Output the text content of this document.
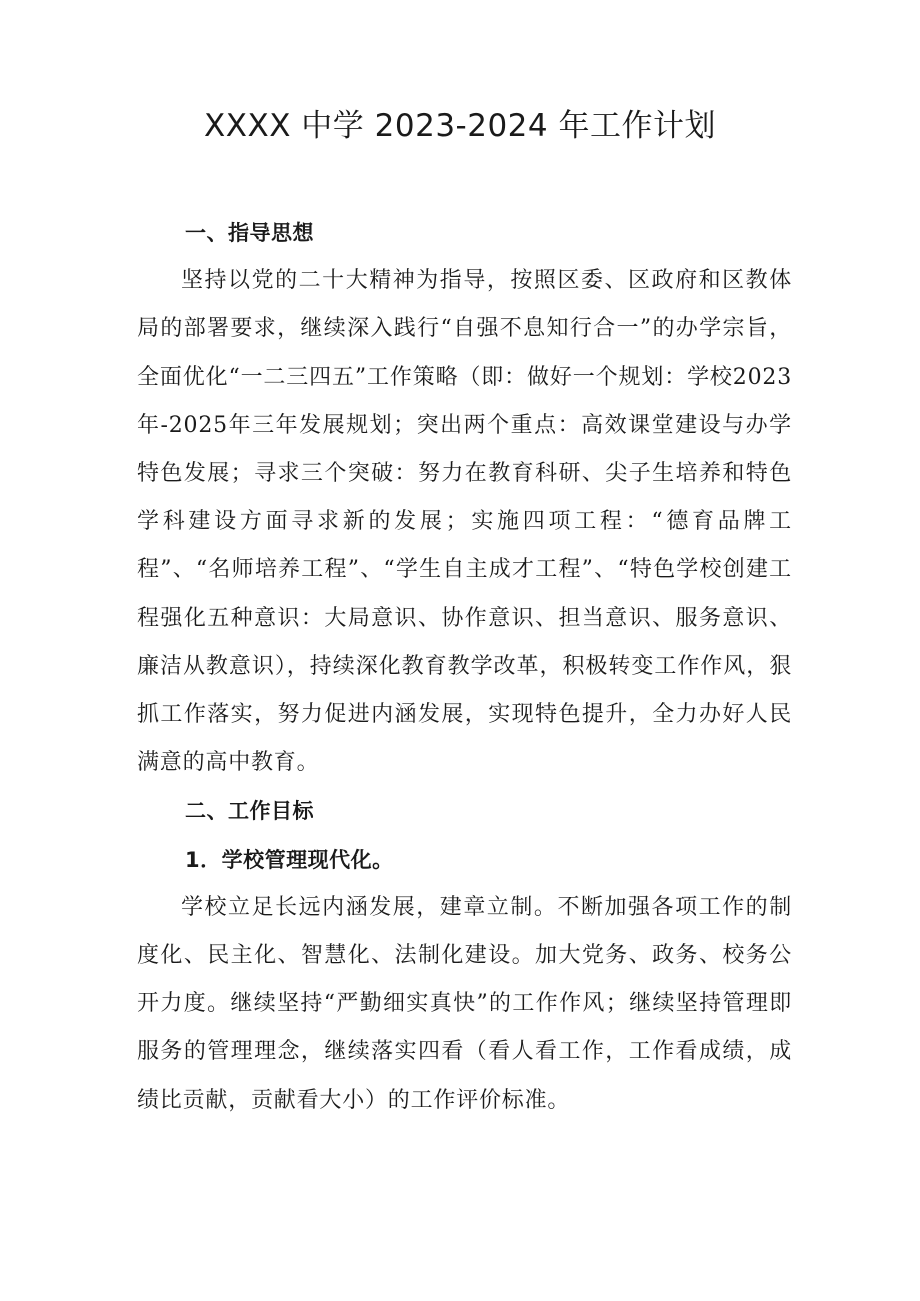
XXXX 中学 2023-2024 年工作计划
一、指导思想

坚持以党的二十大精神为指导，按照区委、区政府和区教体局的部署要求，继续深入践行“自强不息知行合一”的办学宗旨，全面优化“一二三四五”工作策略（即：做好一个规划：学校2023年-2025年三年发展规划；突出两个重点：高效课堂建设与办学特色发展；寻求三个突破：努力在教育科研、尖子生培养和特色学科建设方面寻求新的发展；实施四项工程：“德育品牌工程”、“名师培养工程”、“学生自主成才工程”、“特色学校创建工程强化五种意识：大局意识、协作意识、担当意识、服务意识、廉洁从教意识），持续深化教育教学改革，积极转变工作作风，狠抓工作落实，努力促进内涵发展，实现特色提升，全力办好人民满意的高中教育。

二、工作目标
1．学校管理现代化。

学校立足长远内涵发展，建章立制。不断加强各项工作的制度化、民主化、智慧化、法制化建设。加大党务、政务、校务公开力度。继续坚持“严勤细实真快”的工作作风；继续坚持管理即服务的管理理念，继续落实四看（看人看工作，工作看成绩，成绩比贡献，贡献看大小）的工作评价标准。
